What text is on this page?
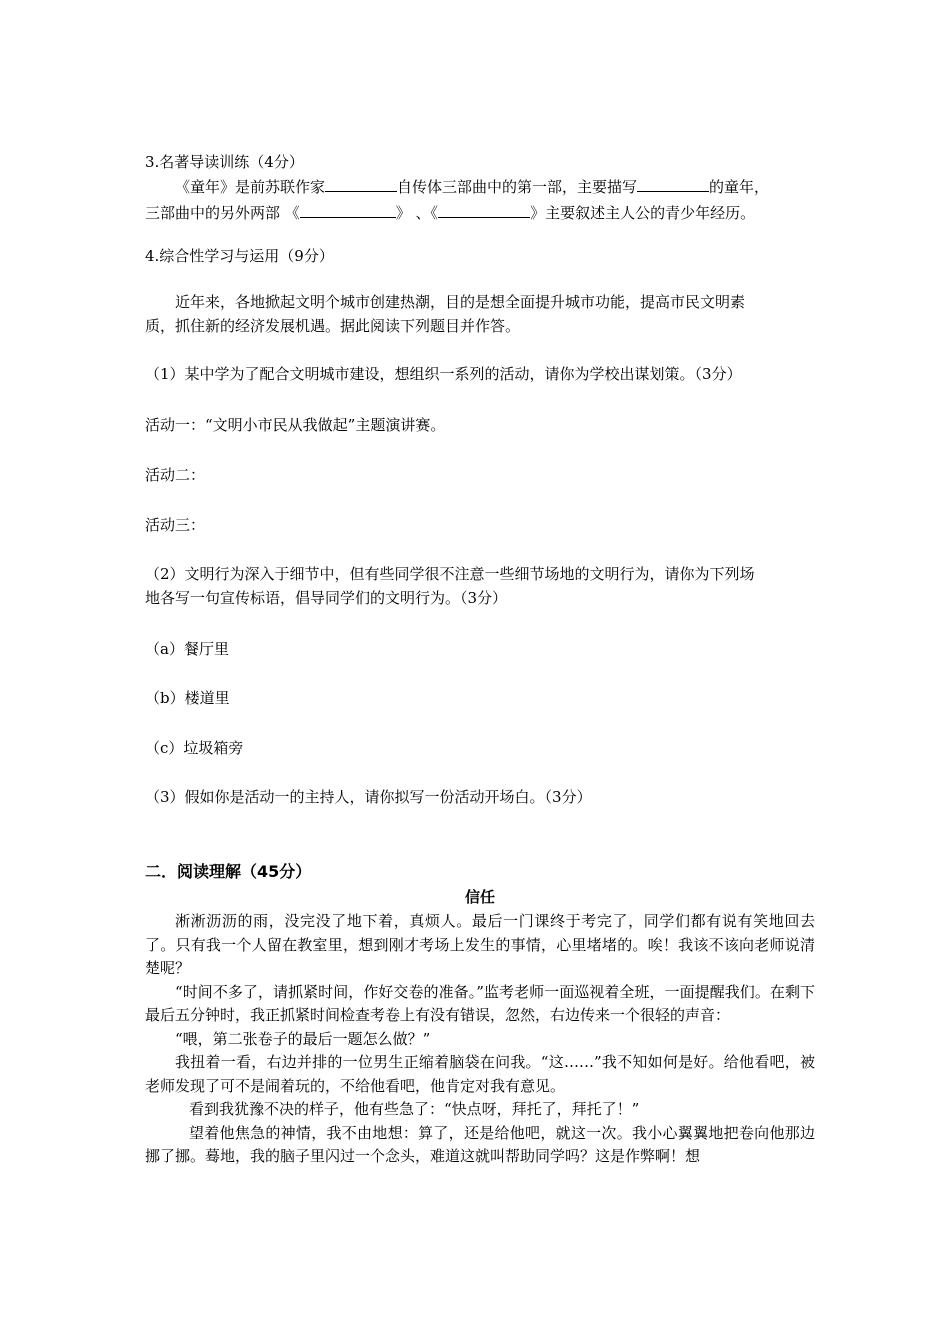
3.名著导读训练（4分）
《童年》是前苏联作家	自传体三部曲中的第一部，主要描写	的童年，
三部曲中的另外两部 《	》 、《	》主要叙述主人公的青少年经历。
4.综合性学习与运用（9分）
近年来，各地掀起文明个城市创建热潮，目的是想全面提升城市功能，提高市民文明素
质，抓住新的经济发展机遇。据此阅读下列题目并作答。
（1）某中学为了配合文明城市建设，想组织一系列的活动，请你为学校出谋划策。（3分）
活动一：“文明小市民从我做起”主题演讲赛。
活动二：
活动三：
（2）文明行为深入于细节中，但有些同学很不注意一些细节场地的文明行为，请你为下列场
地各写一句宣传标语，倡导同学们的文明行为。（3分）
（a）餐厅里
（b）楼道里
（c）垃圾箱旁
（3）假如你是活动一的主持人，请你拟写一份活动开场白。（3分）
二．阅读理解（45分）
信任

淅淅沥沥的雨，没完没了地下着，真烦人。最后一门课终于考完了，同学们都有说有笑地回去了。只有我一个人留在教室里，想到刚才考场上发生的事情，心里堵堵的。唉！我该不该向老师说清楚呢？

“时间不多了，请抓紧时间，作好交卷的准备。”监考老师一面巡视着全班，一面提醒我们。在剩下最后五分钟时，我正抓紧时间检查考卷上有没有错误，忽然，右边传来一个很轻的声音：

“喂，第二张卷子的最后一题怎么做？”

我扭着一看，右边并排的一位男生正缩着脑袋在问我。“这……”我不知如何是好。给他看吧，被老师发现了可不是闹着玩的，不给他看吧，他肯定对我有意见。

看到我犹豫不决的样子，他有些急了：“快点呀，拜托了，拜托了！”

望着他焦急的神情，我不由地想：算了，还是给他吧，就这一次。我小心翼翼地把卷向他那边挪了挪。蓦地，我的脑子里闪过一个念头，难道这就叫帮助同学吗？这是作弊啊！想
